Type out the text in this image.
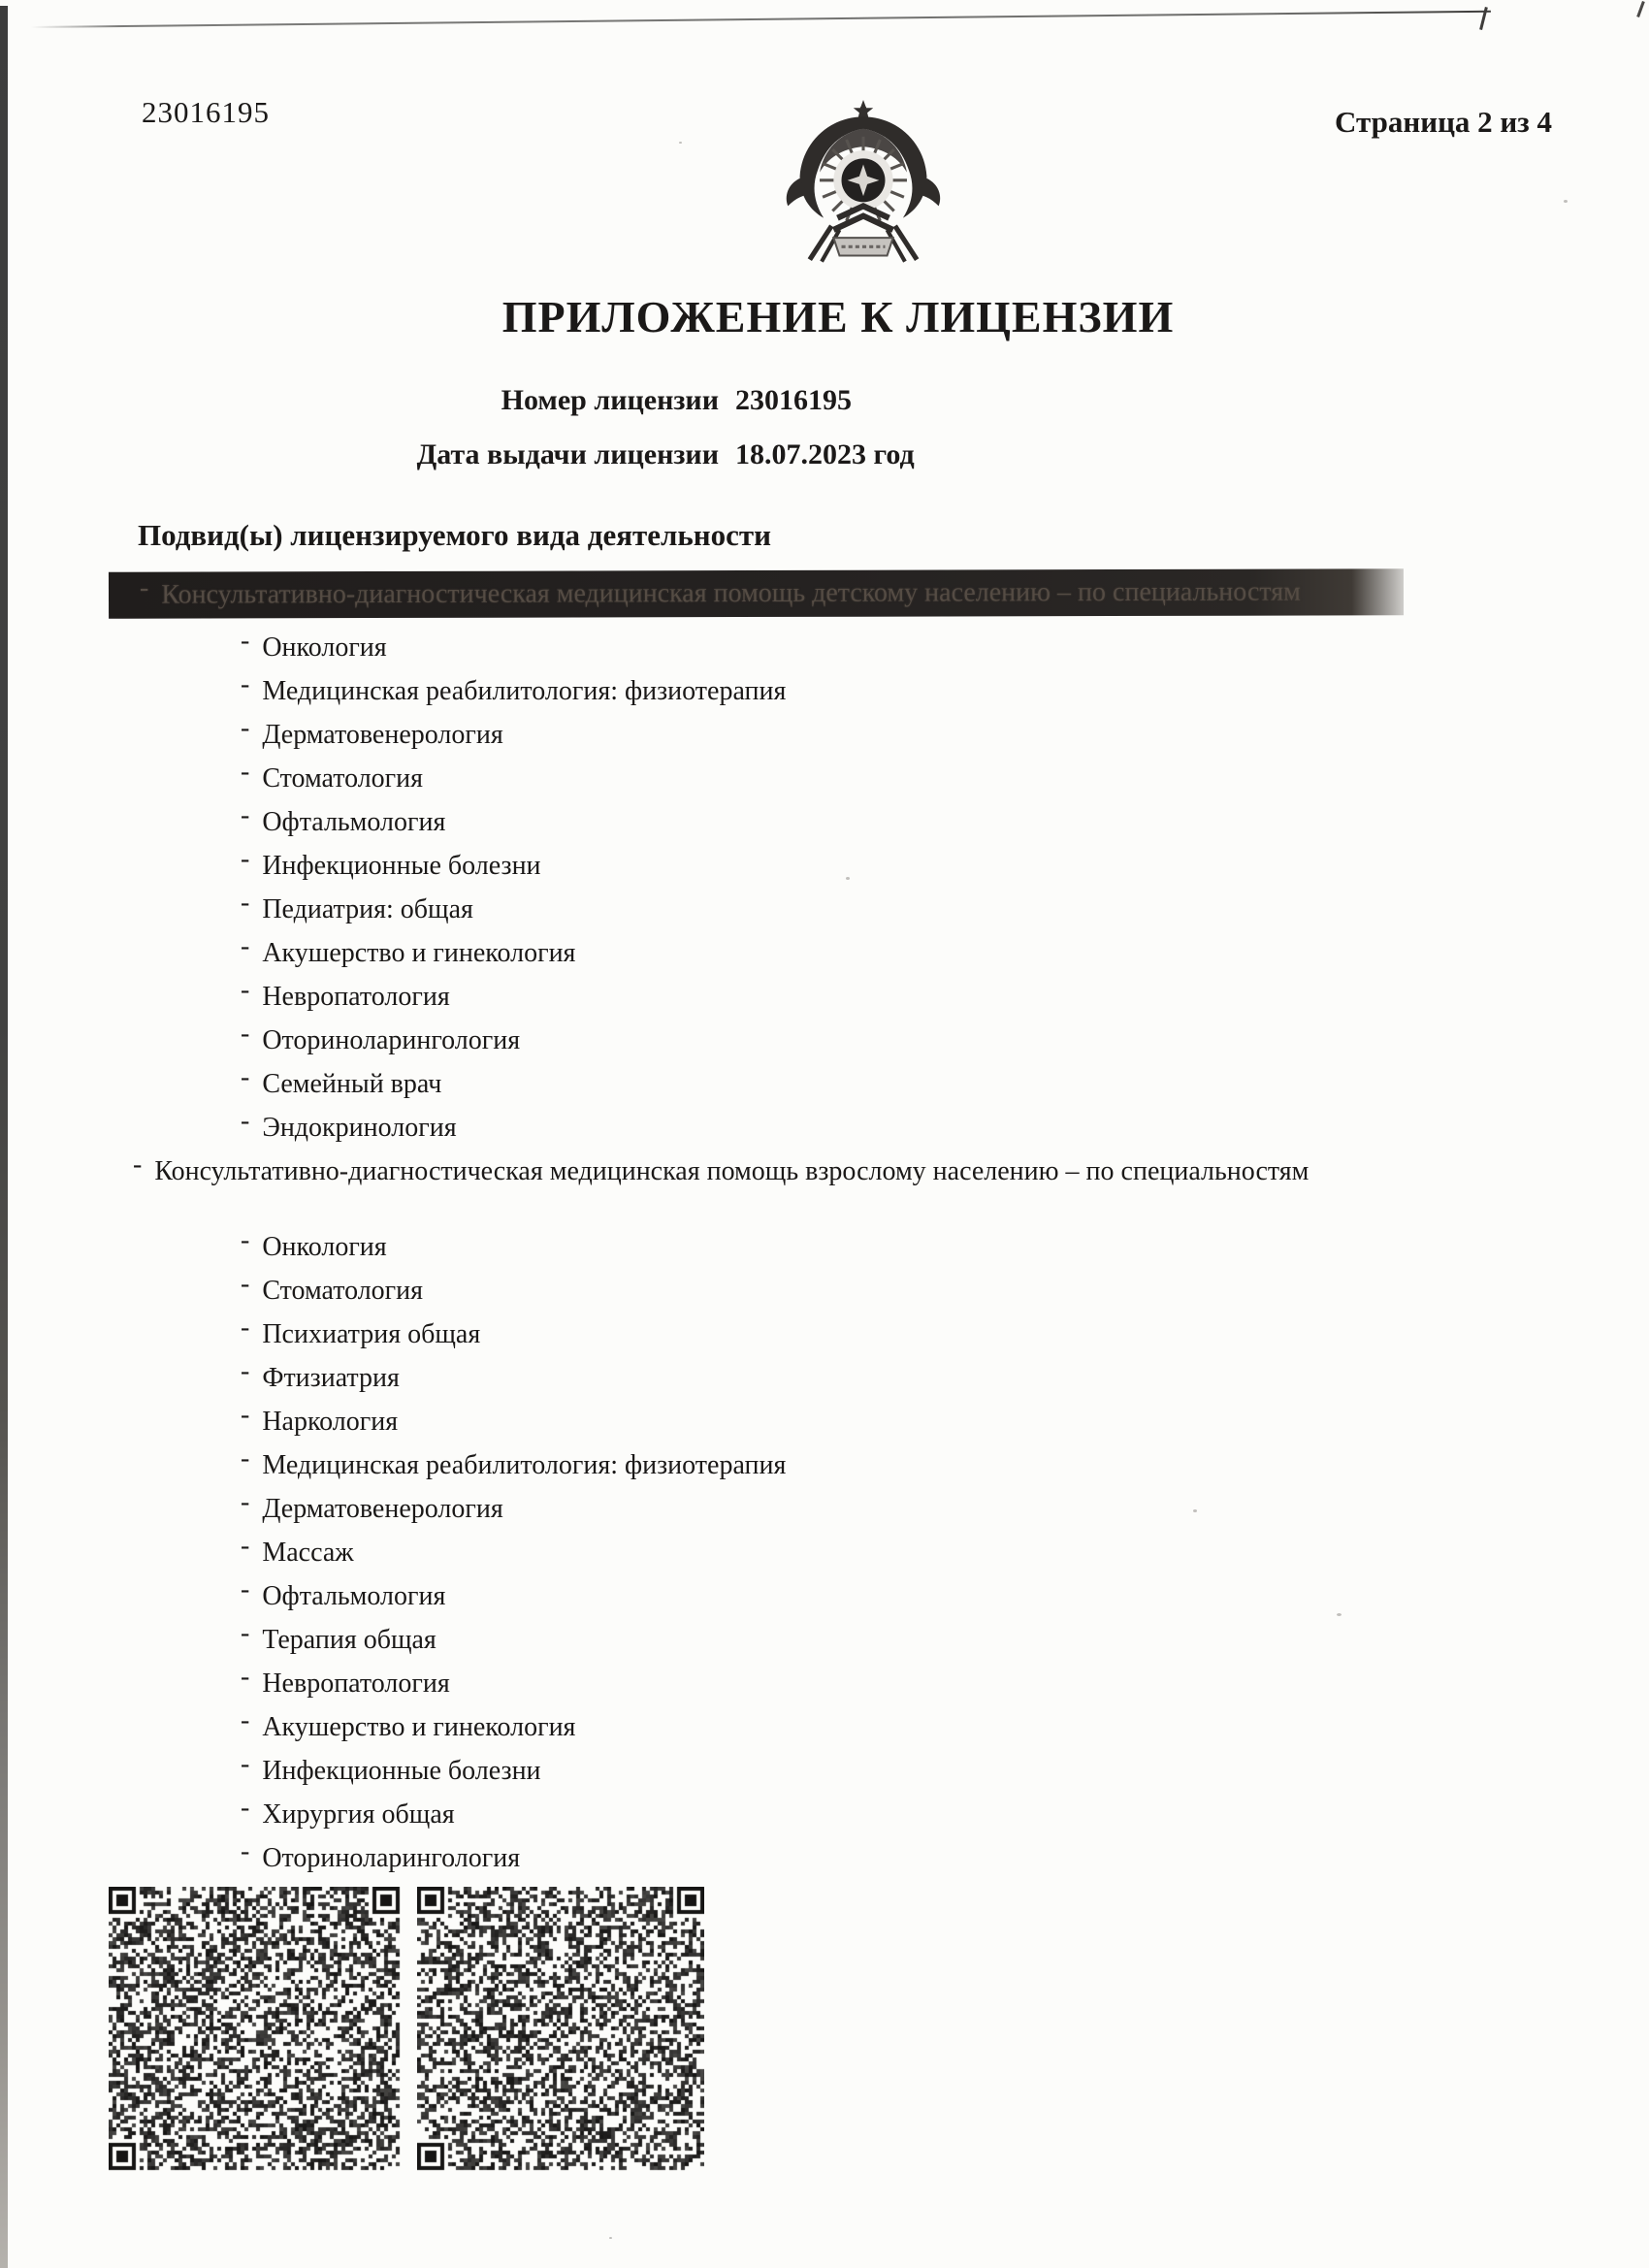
23016195	Страница 2 из 4
ПРИЛОЖЕНИЕ К ЛИЦЕНЗИИ
Номер лицензии 23016195
Дата выдачи лицензии 18.07.2023 год
Подвид(ы) лицензируемого вида деятельности
- Консультативно-диагностическая медицинская помощь детскому населению – по специальностям
- Онкология
- Медицинская реабилитология: физиотерапия
- Дерматовенерология
- Стоматология
- Офтальмология
- Инфекционные болезни
- Педиатрия: общая
- Акушерство и гинекология
- Невропатология
- Оториноларингология
- Семейный врач
- Эндокринология
- Консультативно-диагностическая медицинская помощь взрослому населению – по специальностям
- Онкология
- Стоматология
- Психиатрия общая
- Фтизиатрия
- Наркология
- Медицинская реабилитология: физиотерапия
- Дерматовенерология
- Массаж
- Офтальмология
- Терапия общая
- Невропатология
- Акушерство и гинекология
- Инфекционные болезни
- Хирургия общая
- Оториноларингология
